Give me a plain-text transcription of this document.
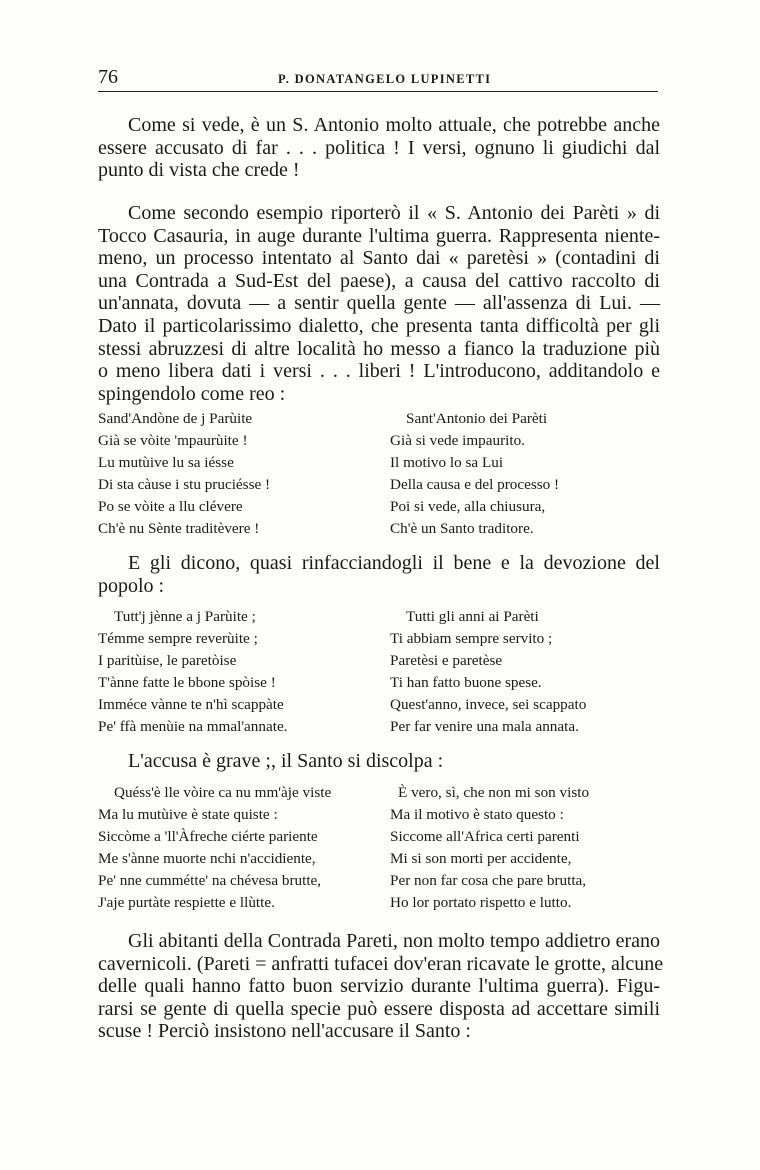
76	P. DONATANGELO LUPINETTI
Come si vede, è un S. Antonio molto attuale, che potrebbe anche
essere accusato di far . . . politica ! I versi, ognuno li giudichi dal
punto di vista che crede !
Come secondo esempio riporterò il « S. Antonio dei Parèti » di
Tocco Casauria, in auge durante l'ultima guerra. Rappresenta niente-
meno, un processo intentato al Santo dai « paretèsi » (contadini di
una Contrada a Sud-Est del paese), a causa del cattivo raccolto di
un'annata, dovuta — a sentir quella gente — all'assenza di Lui. —
Dato il particolarissimo dialetto, che presenta tanta difficoltà per gli
stessi abruzzesi di altre località ho messo a fianco la traduzione più
o meno libera dati i versi . . . liberi ! L'introducono, additandolo e
spingendolo come reo :
Sand'Andòne de j Parùite
Già se vòite 'mpaurùite !
Lu mutùive lu sa iésse
Di sta càuse i stu pruciésse !
Po se vòite a llu clévere
Ch'è nu Sènte traditèvere !
Sant'Antonio dei Parèti
Già si vede impaurito.
Il motivo lo sa Lui
Della causa e del processo !
Poi si vede, alla chiusura,
Ch'è un Santo traditore.
E gli dicono, quasi rinfacciandogli il bene e la devozione del
popolo :
Tutt'j jènne a j Parùite ;
Témme sempre reverùite ;
I paritùise, le paretòise
T'ànne fatte le bbone spòise !
Imméce vànne te n'hì scappàte
Pe' ffà menùie na mmal'annate.
Tutti gli anni ai Parèti
Ti abbiam sempre servito ;
Paretèsi e paretèse
Ti han fatto buone spese.
Quest'anno, invece, sei scappato
Per far venire una mala annata.
L'accusa è grave ;, il Santo si discolpa :
Quéss'è lle vòire ca nu mm'àje viste
Ma lu mutùive è state quiste :
Siccòme a 'll'Àfreche ciérte pariente
Me s'ànne muorte nchi n'accidiente,
Pe' nne cummétte' na chévesa brutte,
J'aje purtàte respiette e llùtte.
È vero, sì, che non mi son visto
Ma il motivo è stato questo :
Siccome all'Africa certi parenti
Mi si son morti per accidente,
Per non far cosa che pare brutta,
Ho lor portato rispetto e lutto.
Gli abitanti della Contrada Pareti, non molto tempo addietro erano
cavernicoli. (Pareti = anfratti tufacei dov'eran ricavate le grotte, alcune
delle quali hanno fatto buon servizio durante l'ultima guerra). Figu-
rarsi se gente di quella specie può essere disposta ad accettare simili
scuse ! Perciò insistono nell'accusare il Santo :
